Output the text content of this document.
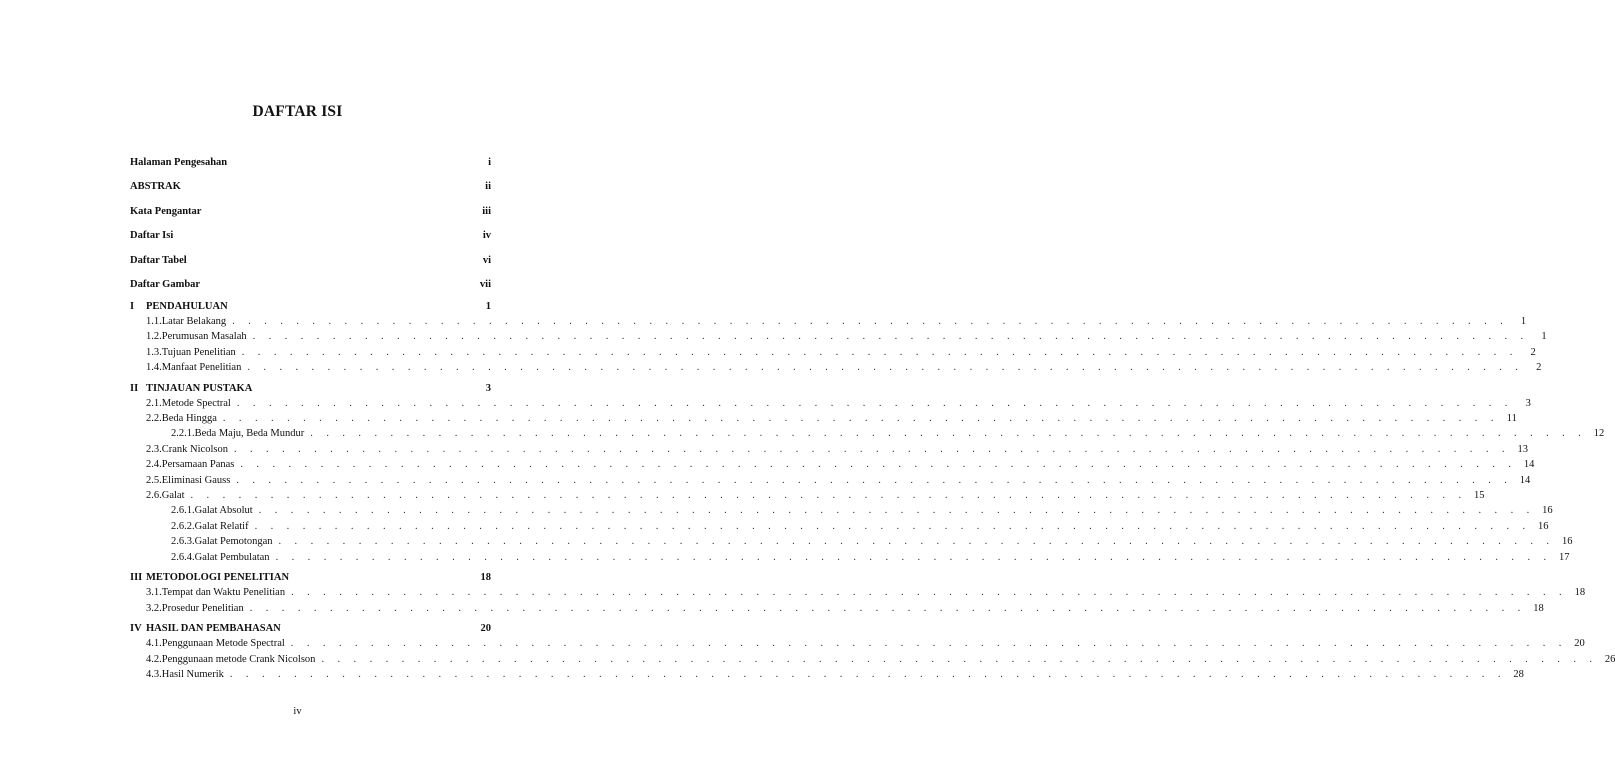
DAFTAR ISI
Halaman Pengesahan	i
ABSTRAK	ii
Kata Pengantar	iii
Daftar Isi	iv
Daftar Tabel	vi
Daftar Gambar	vii
I	PENDAHULUAN	1
1.1. Latar Belakang . . . . . . . . . . . . . . . . . . . . . . . . . . . . . . . . . . . . . . . . . . . . . . . . . . . . . . . . . . . . . . . . . . . . . . . . . . . . . . . .	1
1.2. Perumusan Masalah . . . . . . . . . . . . . . . . . . . . . . . . . . . . . . . . . . . . . . . . . . . . . . . . . . . . . . . . . . . . . . . . . . . . . . . . . . . . . . . .	1
1.3. Tujuan Penelitian . . . . . . . . . . . . . . . . . . . . . . . . . . . . . . . . . . . . . . . . . . . . . . . . . . . . . . . . . . . . . . . . . . . . . . . . . . . . . . . .	2
1.4. Manfaat Penelitian . . . . . . . . . . . . . . . . . . . . . . . . . . . . . . . . . . . . . . . . . . . . . . . . . . . . . . . . . . . . . . . . . . . . . . . . . . . . . . . .	2
II TINJAUAN PUSTAKA	3
2.1. Metode Spectral . . . . . . . . . . . . . . . . . . . . . . . . . . . . . . . . . . . . . . . . . . . . . . . . . . . . . . . . . . . . . . . . . . . . . . . . . . . . . . . .	3
2.2. Beda Hingga . . . . . . . . . . . . . . . . . . . . . . . . . . . . . . . . . . . . . . . . . . . . . . . . . . . . . . . . . . . . . . . . . . . . . . . . . . . . . . . . 11
2.2.1. Beda Maju, Beda Mundur . . . . . . . . . . . . . . . . . . . . . . . . . . . . . . . . . . . . . . . . . . . . . . . . . . . . . . . . . . . . . . . . . . . . . . . . . . . . . . . . 12
2.3. Crank Nicolson . . . . . . . . . . . . . . . . . . . . . . . . . . . . . . . . . . . . . . . . . . . . . . . . . . . . . . . . . . . . . . . . . . . . . . . . . . . . . . . . 13
2.4. Persamaan Panas . . . . . . . . . . . . . . . . . . . . . . . . . . . . . . . . . . . . . . . . . . . . . . . . . . . . . . . . . . . . . . . . . . . . . . . . . . . . . . . . 14
2.5. Eliminasi Gauss . . . . . . . . . . . . . . . . . . . . . . . . . . . . . . . . . . . . . . . . . . . . . . . . . . . . . . . . . . . . . . . . . . . . . . . . . . . . . . . . 14
2.6. Galat . . . . . . . . . . . . . . . . . . . . . . . . . . . . . . . . . . . . . . . . . . . . . . . . . . . . . . . . . . . . . . . . . . . . . . . . . . . . . . . . 15
2.6.1. Galat Absolut . . . . . . . . . . . . . . . . . . . . . . . . . . . . . . . . . . . . . . . . . . . . . . . . . . . . . . . . . . . . . . . . . . . . . . . . . . . . . . . . 16
2.6.2. Galat Relatif . . . . . . . . . . . . . . . . . . . . . . . . . . . . . . . . . . . . . . . . . . . . . . . . . . . . . . . . . . . . . . . . . . . . . . . . . . . . . . . . 16
2.6.3. Galat Pemotongan . . . . . . . . . . . . . . . . . . . . . . . . . . . . . . . . . . . . . . . . . . . . . . . . . . . . . . . . . . . . . . . . . . . . . . . . . . . . . . . . 16
2.6.4. Galat Pembulatan . . . . . . . . . . . . . . . . . . . . . . . . . . . . . . . . . . . . . . . . . . . . . . . . . . . . . . . . . . . . . . . . . . . . . . . . . . . . . . . . 17
III METODOLOGI PENELITIAN	18
3.1. Tempat dan Waktu Penelitian . . . . . . . . . . . . . . . . . . . . . . . . . . . . . . . . . . . . . . . . . . . . . . . . . . . . . . . . . . . . . . . . . . . . . . . . . . . . . . . . 18
3.2. Prosedur Penelitian . . . . . . . . . . . . . . . . . . . . . . . . . . . . . . . . . . . . . . . . . . . . . . . . . . . . . . . . . . . . . . . . . . . . . . . . . . . . . . . . 18
IV HASIL DAN PEMBAHASAN	20
4.1. Penggunaan Metode Spectral . . . . . . . . . . . . . . . . . . . . . . . . . . . . . . . . . . . . . . . . . . . . . . . . . . . . . . . . . . . . . . . . . . . . . . . . . . . . . . . . 20
4.2. Penggunaan metode Crank Nicolson . . . . . . . . . . . . . . . . . . . . . . . . . . . . . . . . . . . . . . . . . . . . . . . . . . . . . . . . . . . . . . . . . . . . . . . . . . . . . . . . 26
4.3. Hasil Numerik . . . . . . . . . . . . . . . . . . . . . . . . . . . . . . . . . . . . . . . . . . . . . . . . . . . . . . . . . . . . . . . . . . . . . . . . . . . . . . . . 28
iv
